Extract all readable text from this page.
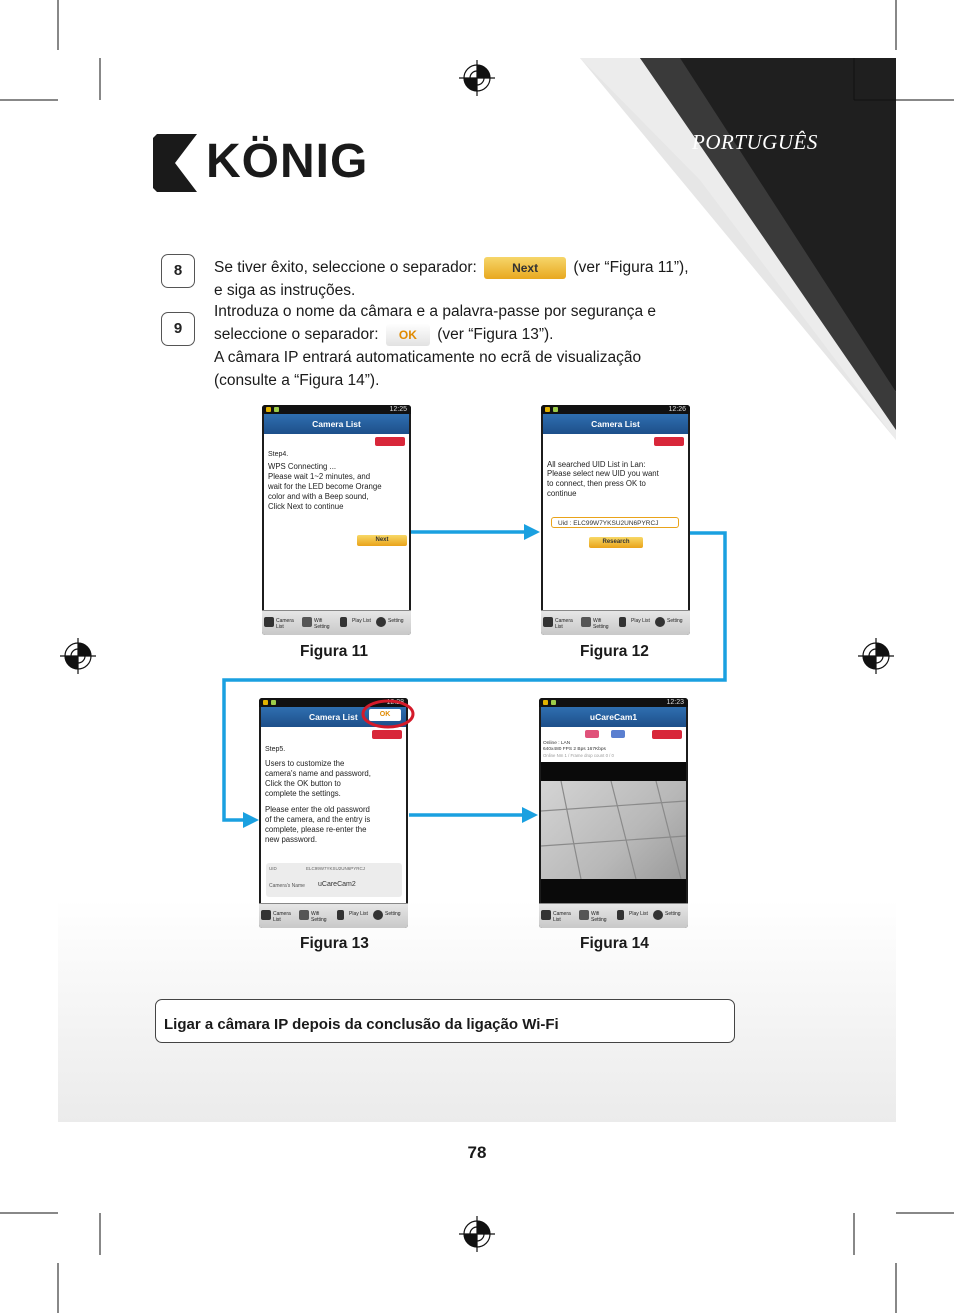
KÖNIG	PORTUGUÊS
8	Se tiver êxito, seleccione o separador:	Next (ver “Figura 11”),
e siga as instruções.
9
Introduza o nome da câmara e a palavra-passe por segurança e
seleccione o separador: OK (ver “Figura 13”).
A câmara IP entrará automaticamente no ecrã de visualização
(consulte a “Figura 14”).
12:25
Camera List
Step4.
WPS Connecting ...
Please wait 1~2 minutes, and
wait for the LED become Orange
color and with a Beep sound,
Click Next to continue
Next
Camera List
Wifi Setting
Play List	Setting
Figura 11
12:26
Camera List
All searched UID List in Lan:
Please select new UID you want
to connect, then press OK to
continue
Uid : ELC99W7YKSU2UN6PYRCJ
Research
Camera List
Wifi Setting
Play List	Setting
Figura 12
12:28
Camera List	OK
Step5.
Users to customize the
camera's name and password,
Click the OK button to
complete the settings.
Please enter the old password
of the camera, and the entry is
complete, please re-enter the
new password.
UID	ELC99W7YKSU2UN6PYRCJ
Camera's Name uCareCam2
Camera List
Wifi Setting
Play List	Setting
Figura 13
12:23
uCareCam1
Online : LAN
640x480 FPS 2 Bps 167Kbps
Online Nm 1 / Frame drop count 0 / 0
Camera List
Wifi Setting
Play List	Setting
Figura 14
Ligar a câmara IP depois da conclusão da ligação Wi-Fi
78
